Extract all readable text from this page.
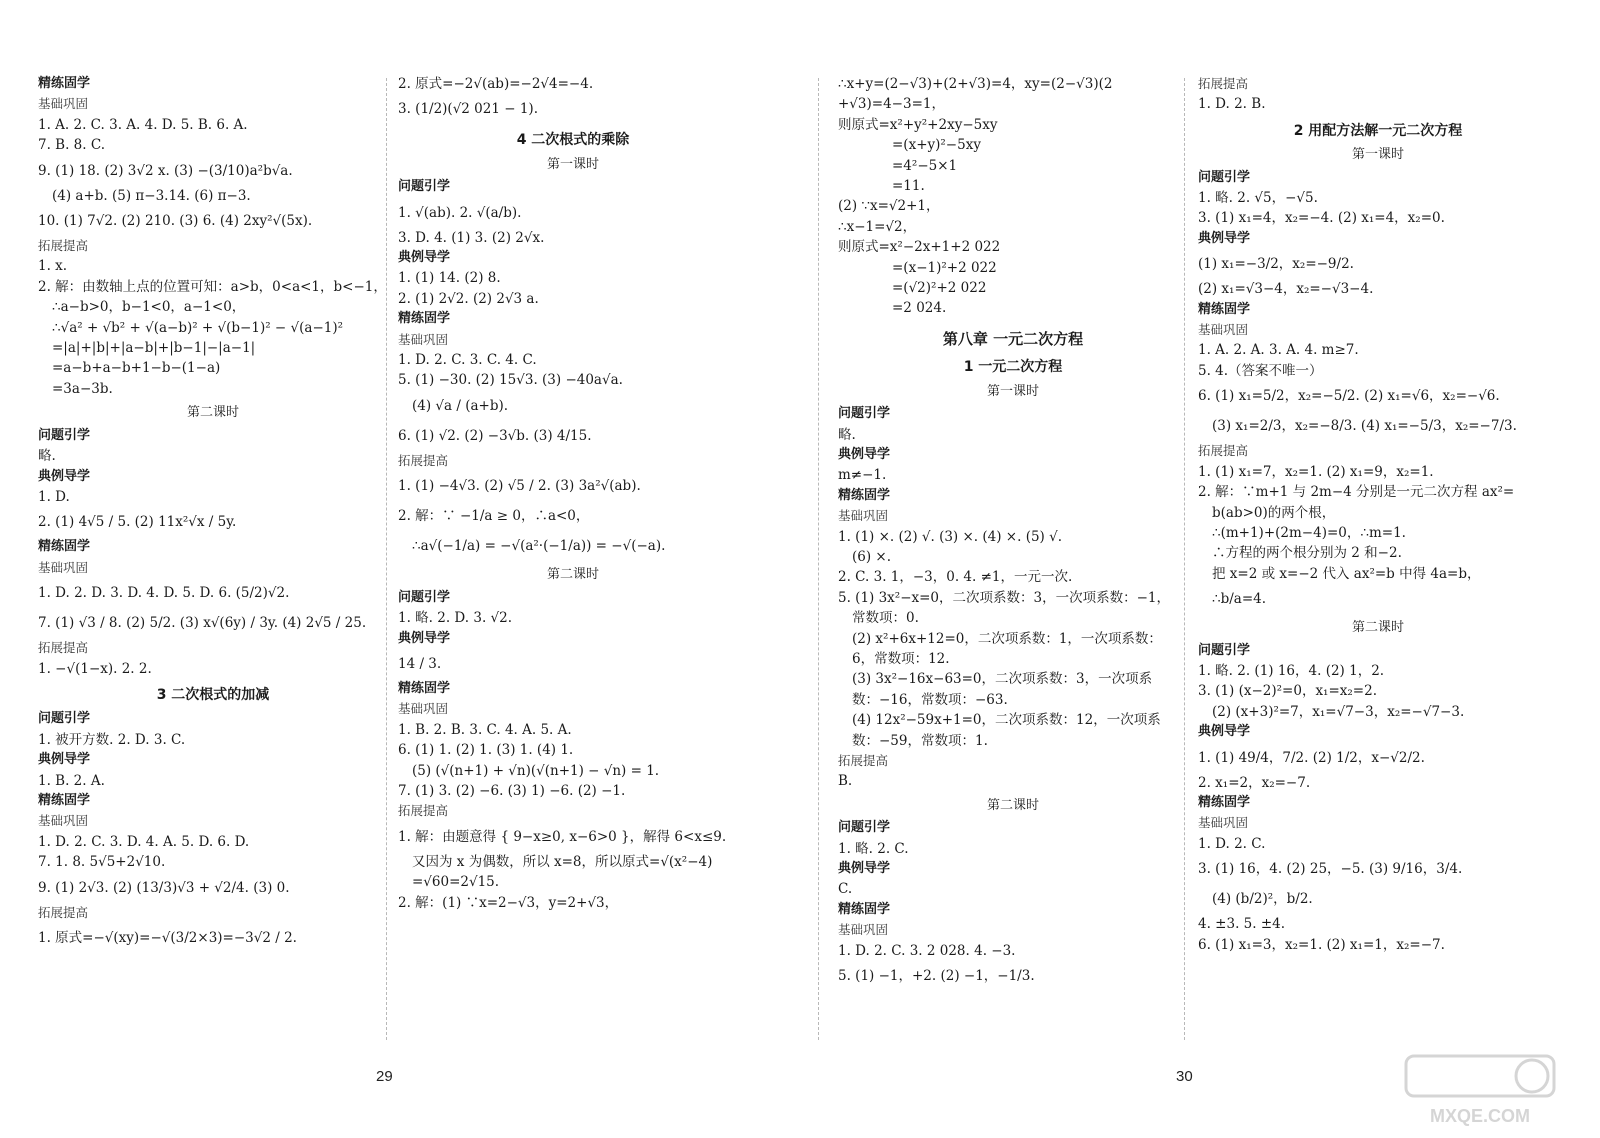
精练固学
基础巩固
1. A. 2. C. 3. A. 4. D. 5. B. 6. A.
7. B. 8. C.
9. (1) 18. (2) 3√2 x. (3) −(3/10)a²b√a.
(4) a+b. (5) π−3.14. (6) π−3.
10. (1) 7√2. (2) 210. (3) 6. (4) 2xy²√(5x).
拓展提高
1. x.
2. 解：由数轴上点的位置可知：a>b，0<a<1，b<−1，
∴a−b>0，b−1<0，a−1<0，
∴√a² + √b² + √(a−b)² + √(b−1)² − √(a−1)²
=|a|+|b|+|a−b|+|b−1|−|a−1|
=a−b+a−b+1−b−(1−a)
=3a−3b.
第二课时
问题引学
略.
典例导学
1. D.
2. (1) 4√5 / 5. (2) 11x²√x / 5y.
精练固学
基础巩固
1. D. 2. D. 3. D. 4. D. 5. D. 6. (5/2)√2.
7. (1) √3 / 8. (2) 5/2. (3) x√(6y) / 3y. (4) 2√5 / 25.
拓展提高
1. −√(1−x). 2. 2.
3 二次根式的加减
问题引学
1. 被开方数. 2. D. 3. C.
典例导学
1. B. 2. A.
精练固学
基础巩固
1. D. 2. C. 3. D. 4. A. 5. D. 6. D.
7. 1. 8. 5√5+2√10.
9. (1) 2√3. (2) (13/3)√3 + √2/4. (3) 0.
拓展提高
1. 原式=−√(xy)=−√(3/2×3)=−3√2 / 2.
2. 原式=−2√(ab)=−2√4=−4.
3. (1/2)(√2 021 − 1).
4 二次根式的乘除
第一课时
问题引学
1. √(ab). 2. √(a/b).
3. D. 4. (1) 3. (2) 2√x.
典例导学
1. (1) 14. (2) 8.
2. (1) 2√2. (2) 2√3 a.
精练固学
基础巩固
1. D. 2. C. 3. C. 4. C.
5. (1) −30. (2) 15√3. (3) −40a√a.
(4) √a / (a+b).
6. (1) √2. (2) −3√b. (3) 4/15.
拓展提高
1. (1) −4√3. (2) √5 / 2. (3) 3a²√(ab).
2. 解：∵ −1/a ≥ 0，∴a<0，
∴a√(−1/a) = −√(a²·(−1/a)) = −√(−a).
第二课时
问题引学
1. 略. 2. D. 3. √2.
典例导学
14 / 3.
精练固学
基础巩固
1. B. 2. B. 3. C. 4. A. 5. A.
6. (1) 1. (2) 1. (3) 1. (4) 1.
(5) (√(n+1) + √n)(√(n+1) − √n) = 1.
7. (1) 3. (2) −6. (3) 1) −6. (2) −1.
拓展提高
1. 解：由题意得 { 9−x≥0, x−6>0 }，解得 6<x≤9.
又因为 x 为偶数，所以 x=8，所以原式=√(x²−4)
=√60=2√15.
2. 解：(1) ∵x=2−√3，y=2+√3，
∴x+y=(2−√3)+(2+√3)=4，xy=(2−√3)(2
+√3)=4−3=1，
则原式=x²+y²+2xy−5xy
=(x+y)²−5xy
=4²−5×1
=11.
(2) ∵x=√2+1，
∴x−1=√2，
则原式=x²−2x+1+2 022
=(x−1)²+2 022
=(√2)²+2 022
=2 024.
第八章 一元二次方程
1 一元二次方程
第一课时
问题引学
略.
典例导学
m≠−1.
精练固学
基础巩固
1. (1) ×. (2) √. (3) ×. (4) ×. (5) √.
(6) ×.
2. C. 3. 1，−3，0. 4. ≠1，一元一次.
5. (1) 3x²−x=0，二次项系数：3，一次项系数：−1，
常数项：0.
(2) x²+6x+12=0，二次项系数：1，一次项系数：
6，常数项：12.
(3) 3x²−16x−63=0，二次项系数：3，一次项系
数：−16，常数项：−63.
(4) 12x²−59x+1=0，二次项系数：12，一次项系
数：−59，常数项：1.
拓展提高
B.
第二课时
问题引学
1. 略. 2. C.
典例导学
C.
精练固学
基础巩固
1. D. 2. C. 3. 2 028. 4. −3.
5. (1) −1，+2. (2) −1，−1/3.
拓展提高
1. D. 2. B.
2 用配方法解一元二次方程
第一课时
问题引学
1. 略. 2. √5，−√5.
3. (1) x₁=4，x₂=−4. (2) x₁=4，x₂=0.
典例导学
(1) x₁=−3/2，x₂=−9/2.
(2) x₁=√3−4，x₂=−√3−4.
精练固学
基础巩固
1. A. 2. A. 3. A. 4. m≥7.
5. 4.（答案不唯一）
6. (1) x₁=5/2，x₂=−5/2. (2) x₁=√6，x₂=−√6.
(3) x₁=2/3，x₂=−8/3. (4) x₁=−5/3，x₂=−7/3.
拓展提高
1. (1) x₁=7，x₂=1. (2) x₁=9，x₂=1.
2. 解：∵m+1 与 2m−4 分别是一元二次方程 ax²=
b(ab>0)的两个根，
∴(m+1)+(2m−4)=0，∴m=1.
∴方程的两个根分别为 2 和−2.
把 x=2 或 x=−2 代入 ax²=b 中得 4a=b，
∴b/a=4.
第二课时
问题引学
1. 略. 2. (1) 16，4. (2) 1，2.
3. (1) (x−2)²=0，x₁=x₂=2.
(2) (x+3)²=7，x₁=√7−3，x₂=−√7−3.
典例导学
1. (1) 49/4，7/2. (2) 1/2，x−√2/2.
2. x₁=2，x₂=−7.
精练固学
基础巩固
1. D. 2. C.
3. (1) 16，4. (2) 25，−5. (3) 9/16，3/4.
(4) (b/2)²，b/2.
4. ±3. 5. ±4.
6. (1) x₁=3，x₂=1. (2) x₁=1，x₂=−7.
29	30
MXQE.COM
